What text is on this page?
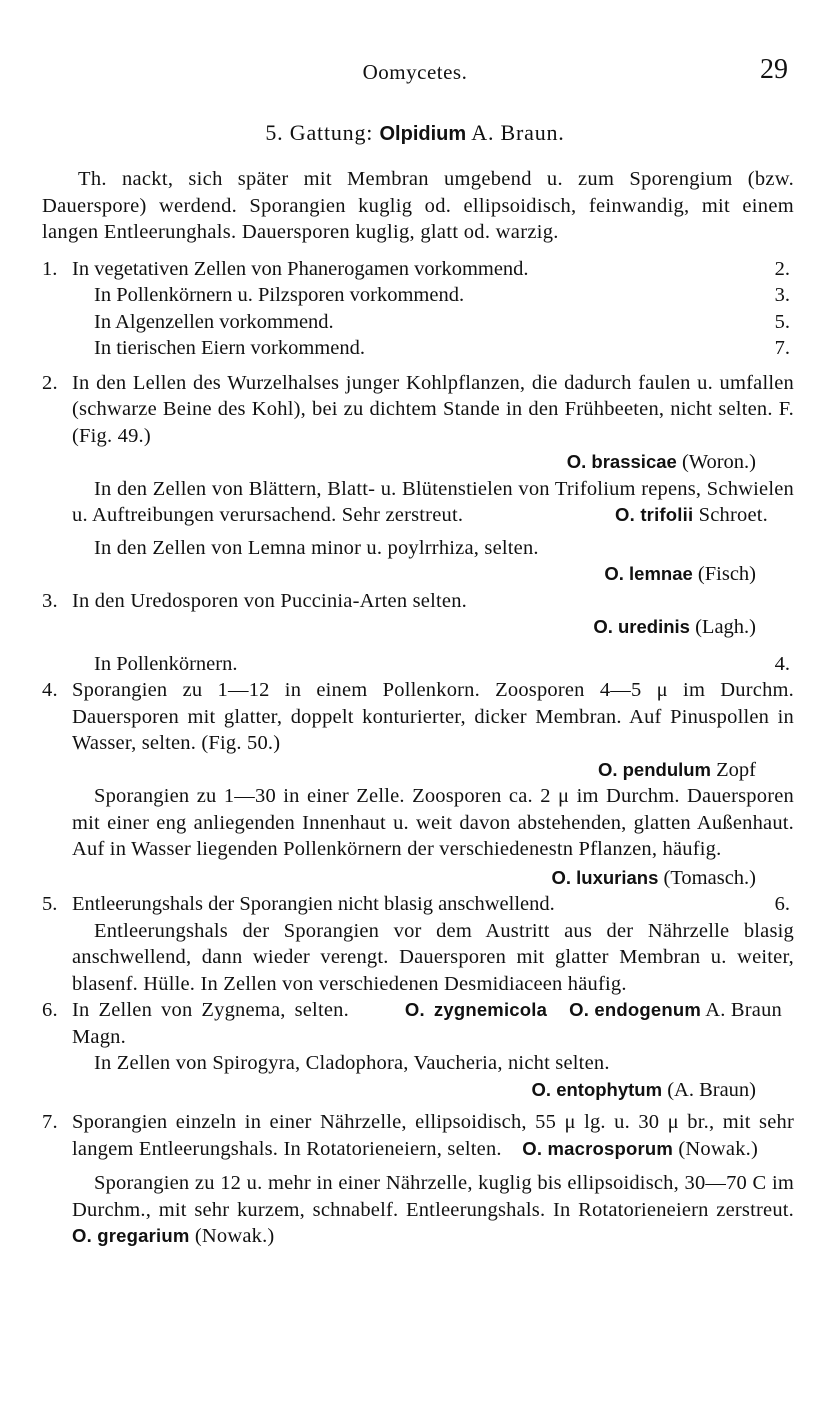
Oomycetes.	29
5. Gattung: Olpidium A. Braun.
Th. nackt, sich später mit Membran umgebend u. zum Sporengium (bzw. Dauerspore) werdend. Sporangien kuglig od. ellipsoidisch, feinwandig, mit einem langen Entleerunghals. Dauersporen kuglig, glatt od. warzig.
1. In vegetativen Zellen von Phanerogamen vorkommend.	2.
In Pollenkörnern u. Pilzsporen vorkommend.	3.
In Algenzellen vorkommend.	5.
In tierischen Eiern vorkommend.	7.
2. In den Lellen des Wurzelhalses junger Kohlpflanzen, die dadurch faulen u. umfallen (schwarze Beine des Kohl), bei zu dichtem Stande in den Frühbeeten, nicht selten. F. (Fig. 49.)
O. brassicae (Woron.)
In den Zellen von Blättern, Blatt- u. Blütenstielen von Trifolium repens, Schwielen u. Auftreibungen verursachend. Sehr zerstreut.	O. trifolii Schroet.
In den Zellen von Lemna minor u. poylrrhiza, selten.
O. lemnae (Fisch)
3. In den Uredosporen von Puccinia-Arten selten.
O. uredinis (Lagh.)
In Pollenkörnern.	4.
4. Sporangien zu 1—12 in einem Pollenkorn. Zoosporen 4—5 μ im Durchm. Dauersporen mit glatter, doppelt konturierter, dicker Membran. Auf Pinuspollen in Wasser, selten. (Fig. 50.)
O. pendulum Zopf
Sporangien zu 1—30 in einer Zelle. Zoosporen ca. 2 μ im Durchm. Dauersporen mit einer eng anliegenden Innenhaut u. weit davon abstehenden, glatten Außenhaut. Auf in Wasser liegenden Pollenkörnern der verschiedenestn Pflanzen, häufig.
O. luxurians (Tomasch.)
5. Entleerungshals der Sporangien nicht blasig anschwellend.	6.
Entleerungshals der Sporangien vor dem Austritt aus der Nährzelle blasig anschwellend, dann wieder verengt. Dauersporen mit glatter Membran u. weiter, blasenf. Hülle. In Zellen von verschiedenen Desmidiaceen häufig.
O. endogenum A. Braun
6. In Zellen von Zygnema, selten.	O. zygnemicola Magn.
In Zellen von Spirogyra, Cladophora, Vaucheria, nicht selten.
O. entophytum (A. Braun)
7. Sporangien einzeln in einer Nährzelle, ellipsoidisch, 55 μ lg. u. 30 μ br., mit sehr langem Entleerungshals. In Rotatorieneiern, selten. O. macrosporum (Nowak.)
Sporangien zu 12 u. mehr in einer Nährzelle, kuglig bis ellipsoidisch, 30—70 C im Durchm., mit sehr kurzem, schnabelf. Entleerungshals. In Rotatorieneiern zerstreut. O. gregarium (Nowak.)
